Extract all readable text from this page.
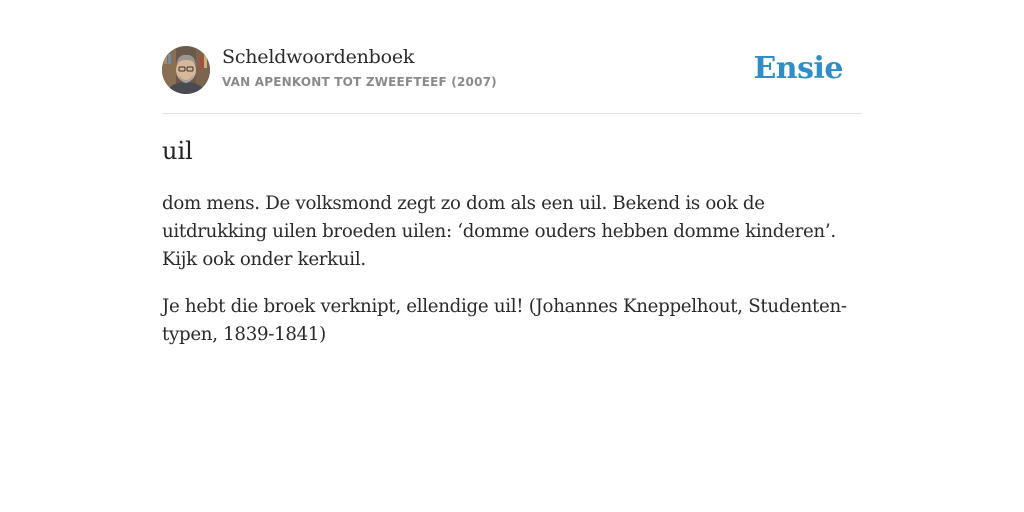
Scheldwoordenboek
VAN APENKONT TOT ZWEEFTEEF (2007)	Ensie
uil

dom mens. De volksmond zegt zo dom als een uil. Bekend is ook de uitdrukking uilen broeden uilen: ‘domme ouders hebben domme kinderen’. Kijk ook onder kerkuil.

Je hebt die broek verknipt, ellendige uil! (Johannes Kneppelhout, Studenten-typen, 1839-1841)
